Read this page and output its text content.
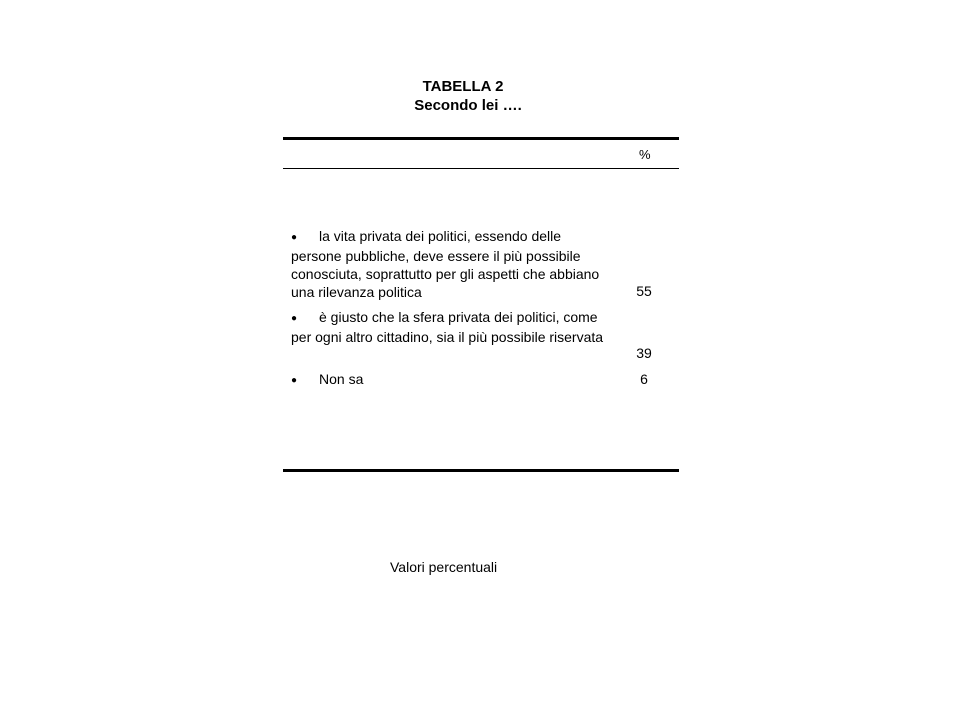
TABELLA 2
Secondo lei ….
%
● la vita privata dei politici, essendo delle persone pubbliche, deve essere il più possibile conosciuta, soprattutto per gli aspetti che abbiano una rilevanza politica	55
● è giusto che la sfera privata dei politici, come per ogni altro cittadino, sia il più possibile riservata
39
● Non sa	6
Valori percentuali
